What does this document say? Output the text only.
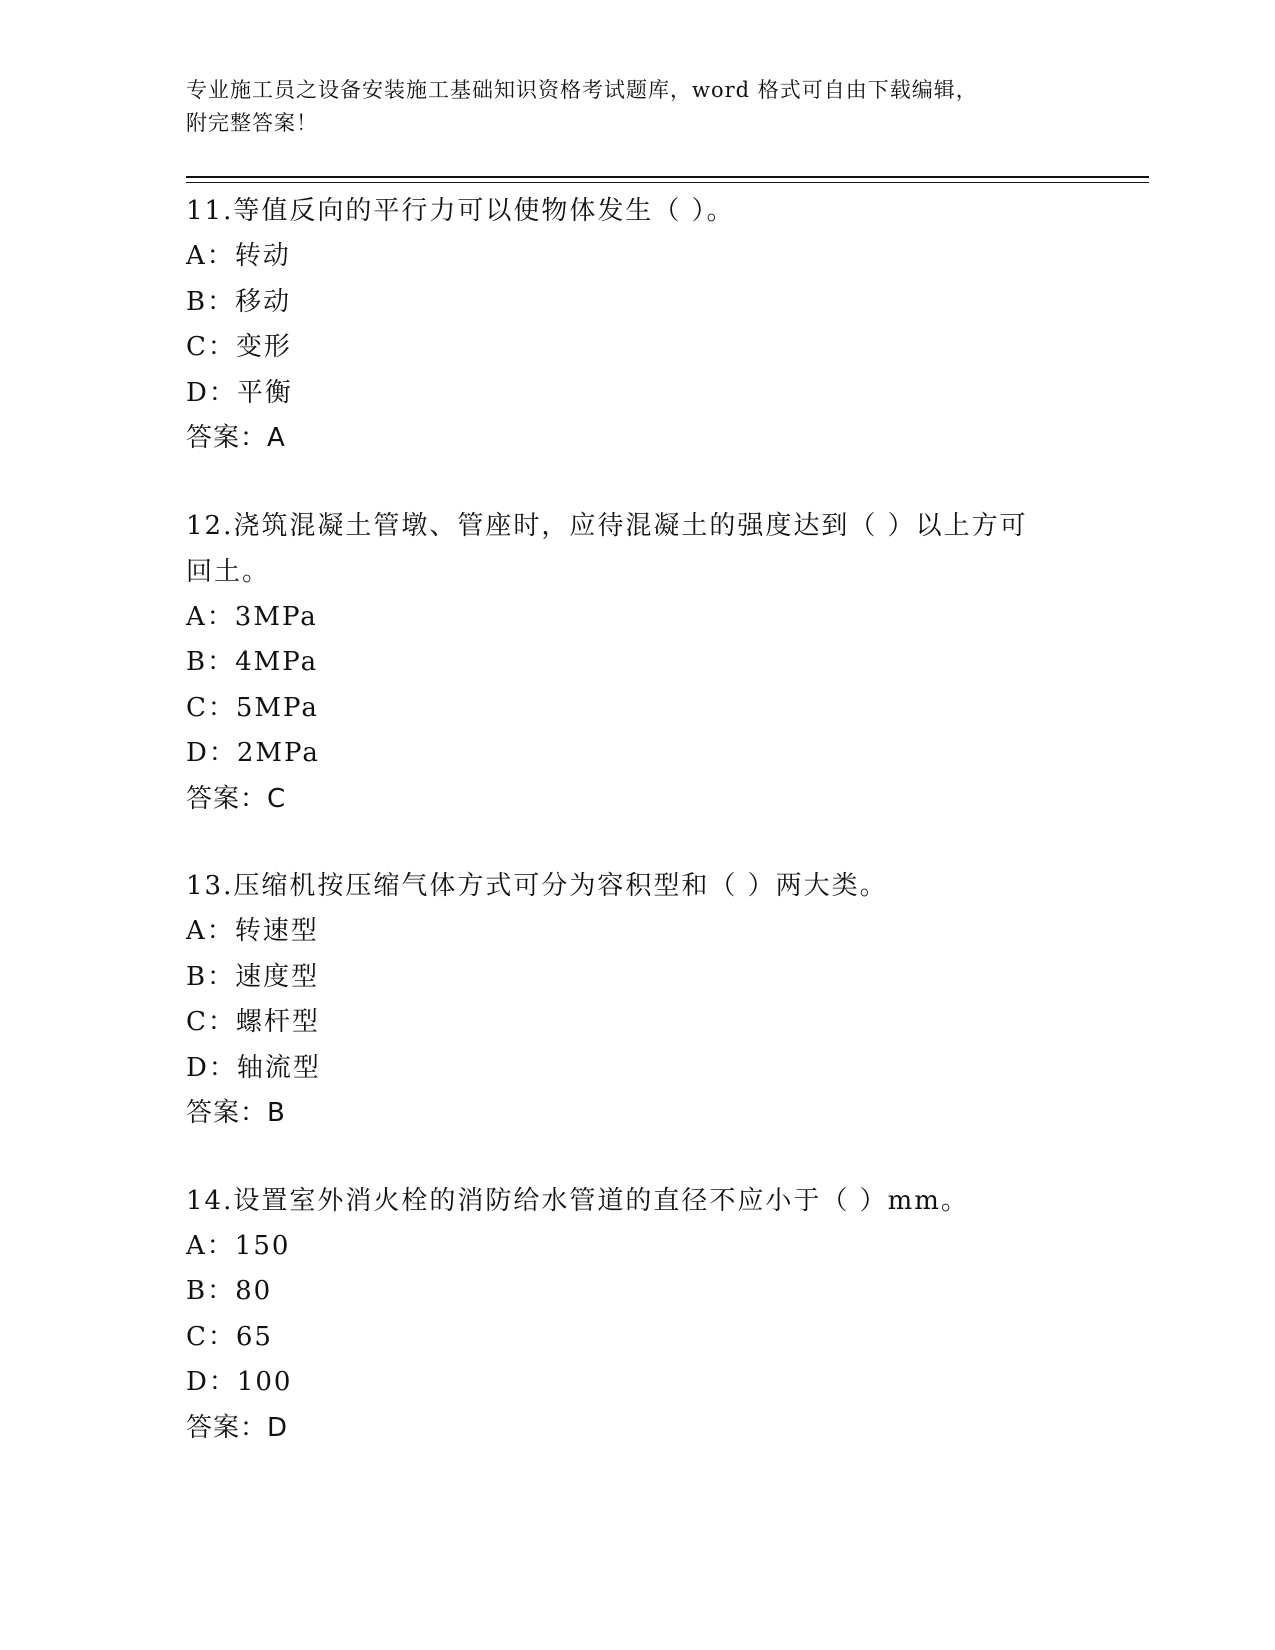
专业施工员之设备安装施工基础知识资格考试题库，word 格式可自由下载编辑，
附完整答案！
11.等值反向的平行力可以使物体发生（ ）。
A：转动
B：移动
C：变形
D：平衡
答案：A
12.浇筑混凝土管墩、管座时，应待混凝土的强度达到（ ）以上方可
回土。
A：3MPa
B：4MPa
C：5MPa
D：2MPa
答案：C
13.压缩机按压缩气体方式可分为容积型和（ ）两大类。
A：转速型
B：速度型
C：螺杆型
D：轴流型
答案：B
14.设置室外消火栓的消防给水管道的直径不应小于（ ）mm。
A：150
B：80
C：65
D：100
答案：D
